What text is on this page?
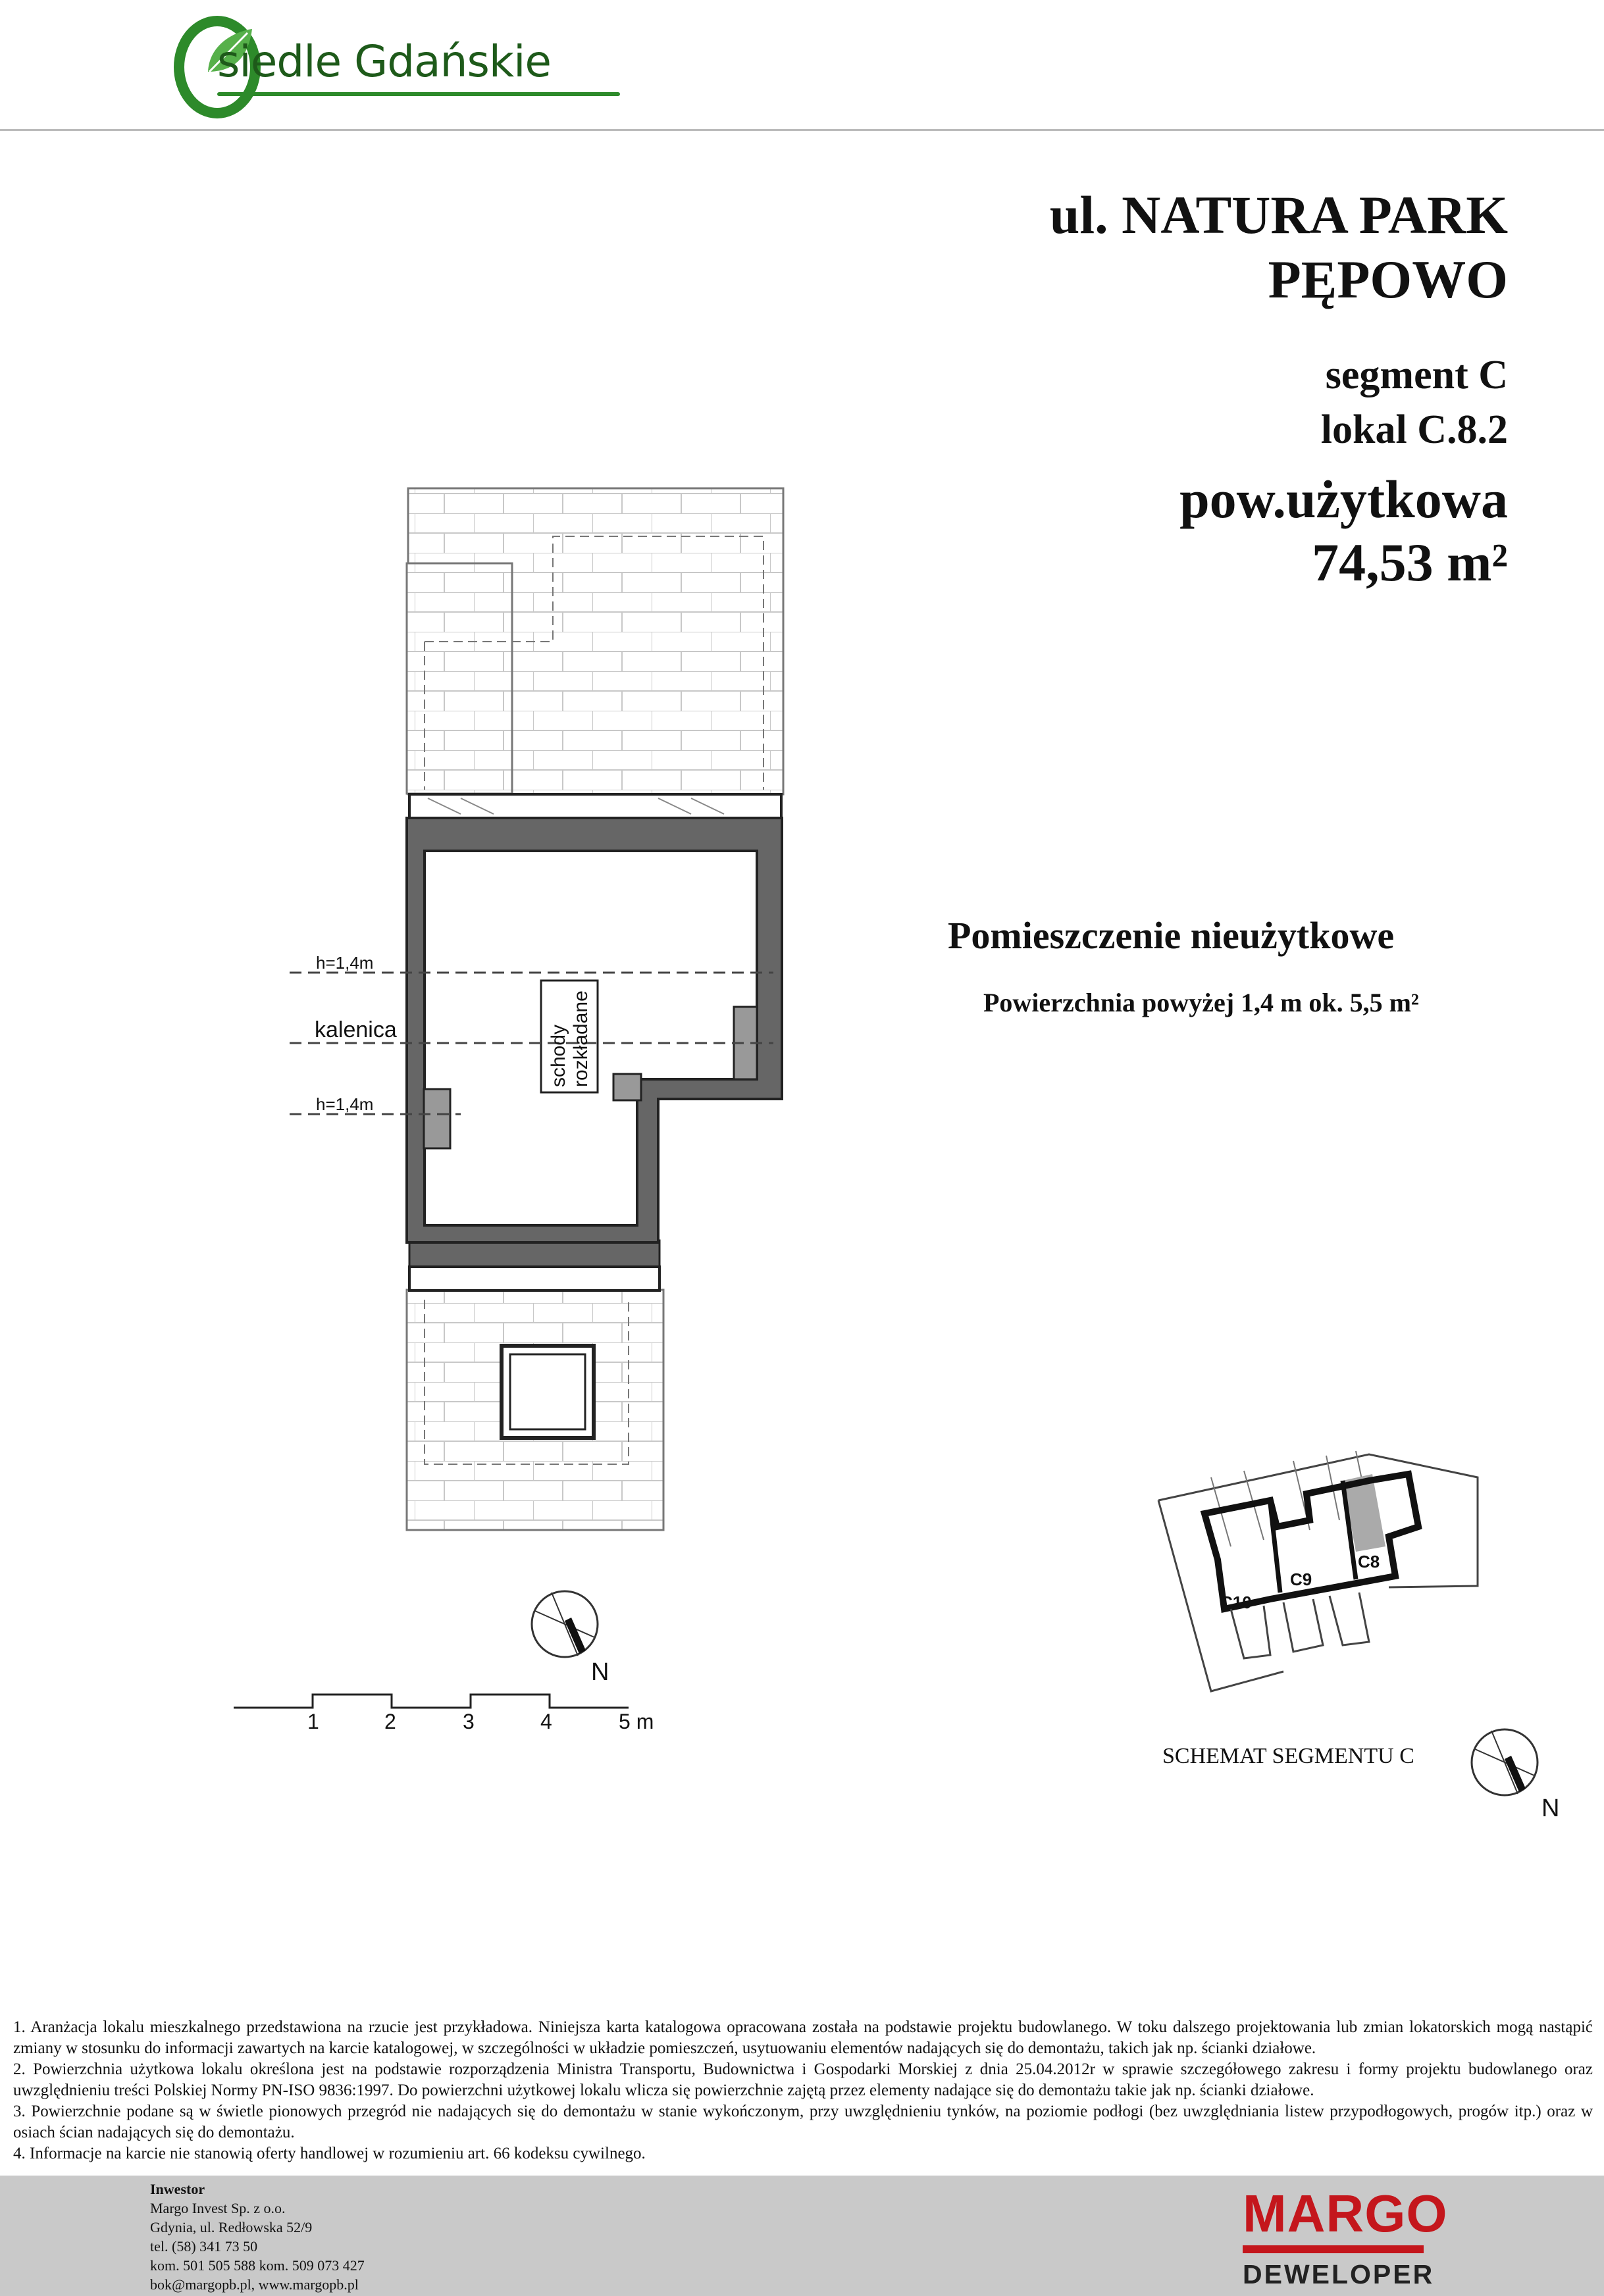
siedle Gdańskie
ul. NATURA PARK
PĘPOWO
segment C
lokal C.8.2
pow.użytkowa
74,53 m²
Pomieszczenie nieużytkowe
Powierzchnia powyżej 1,4 m ok. 5,5 m²
h=1,4m
kalenica
h=1,4m
schody rozkładane
N
1	2	3	4	5 m
C10
C9
C8
SCHEMAT SEGMENTU C
N

1. Aranżacja lokalu mieszkalnego przedstawiona na rzucie jest przykładowa. Niniejsza karta katalogowa opracowana została na podstawie projektu budowlanego. W toku dalszego projektowania lub zmian lokatorskich mogą nastąpić zmiany w stosunku do informacji zawartych na karcie katalogowej, w szczególności w układzie pomieszczeń, usytuowaniu elementów nadających się do demontażu, takich jak np. ścianki działowe.

2. Powierzchnia użytkowa lokalu określona jest na podstawie rozporządzenia Ministra Transportu, Budownictwa i Gospodarki Morskiej z dnia 25.04.2012r w sprawie szczegółowego zakresu i formy projektu budowlanego oraz uwzględnieniu treści Polskiej Normy PN-ISO 9836:1997. Do powierzchni użytkowej lokalu wlicza się powierzchnie zajętą przez elementy nadające się do demontażu takie jak np. ścianki działowe.

3. Powierzchnie podane są w świetle pionowych przegród nie nadających się do demontażu w stanie wykończonym, przy uwzględnieniu tynków, na poziomie podłogi (bez uwzględniania listew przypodłogowych, progów itp.) oraz w osiach ścian nadających się do demontażu.

4. Informacje na karcie nie stanowią oferty handlowej w rozumieniu art. 66 kodeksu cywilnego.

Inwestor
Margo Invest Sp. z o.o.
Gdynia, ul. Redłowska 52/9
tel. (58) 341 73 50
kom. 501 505 588 kom. 509 073 427
bok@margopb.pl, www.margopb.pl
MARGO
DEWELOPER
